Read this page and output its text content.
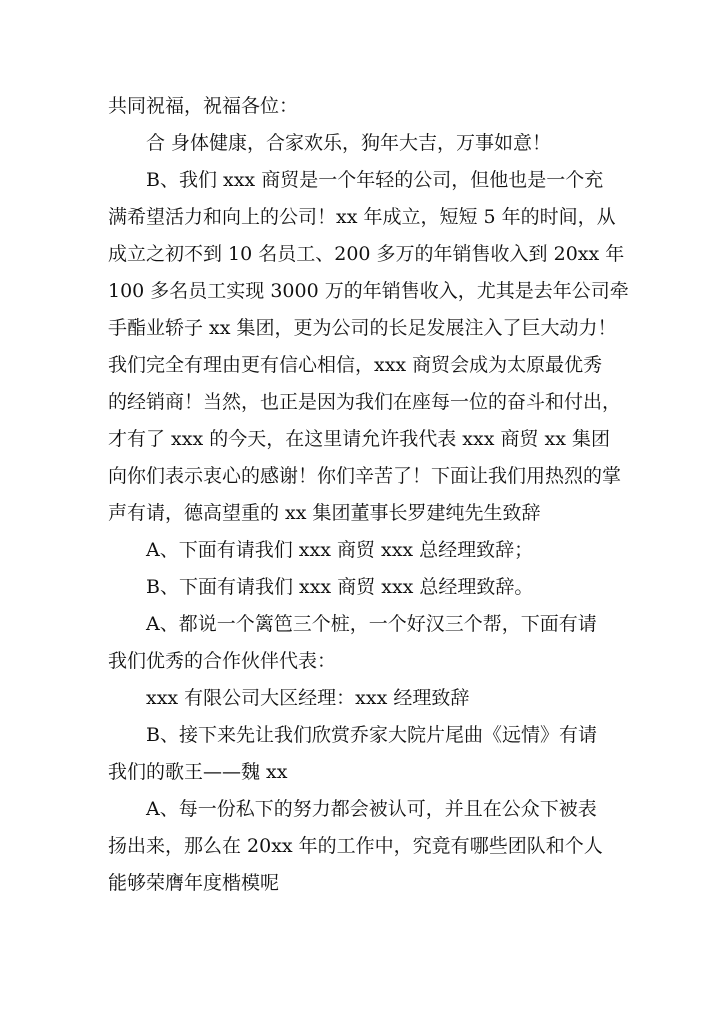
共同祝福，祝福各位：
合 身体健康，合家欢乐，狗年大吉，万事如意！
B、我们 xxx 商贸是一个年轻的公司，但他也是一个充
满希望活力和向上的公司！xx 年成立，短短 5 年的时间，从
成立之初不到 10 名员工、200 多万的年销售收入到 20xx 年
100 多名员工实现 3000 万的年销售收入，尤其是去年公司牵
手酯业轿子 xx 集团，更为公司的长足发展注入了巨大动力！
我们完全有理由更有信心相信，xxx 商贸会成为太原最优秀
的经销商！当然，也正是因为我们在座每一位的奋斗和付出，
才有了 xxx 的今天，在这里请允许我代表 xxx 商贸 xx 集团
向你们表示衷心的感谢！你们辛苦了！下面让我们用热烈的掌
声有请，德高望重的 xx 集团董事长罗建纯先生致辞
A、下面有请我们 xxx 商贸 xxx 总经理致辞；
B、下面有请我们 xxx 商贸 xxx 总经理致辞。
A、都说一个篱笆三个桩，一个好汉三个帮，下面有请
我们优秀的合作伙伴代表：
xxx 有限公司大区经理：xxx 经理致辞
B、接下来先让我们欣赏乔家大院片尾曲《远情》有请
我们的歌王——魏 xx
A、每一份私下的努力都会被认可，并且在公众下被表
扬出来，那么在 20xx 年的工作中，究竟有哪些团队和个人
能够荣膺年度楷模呢
